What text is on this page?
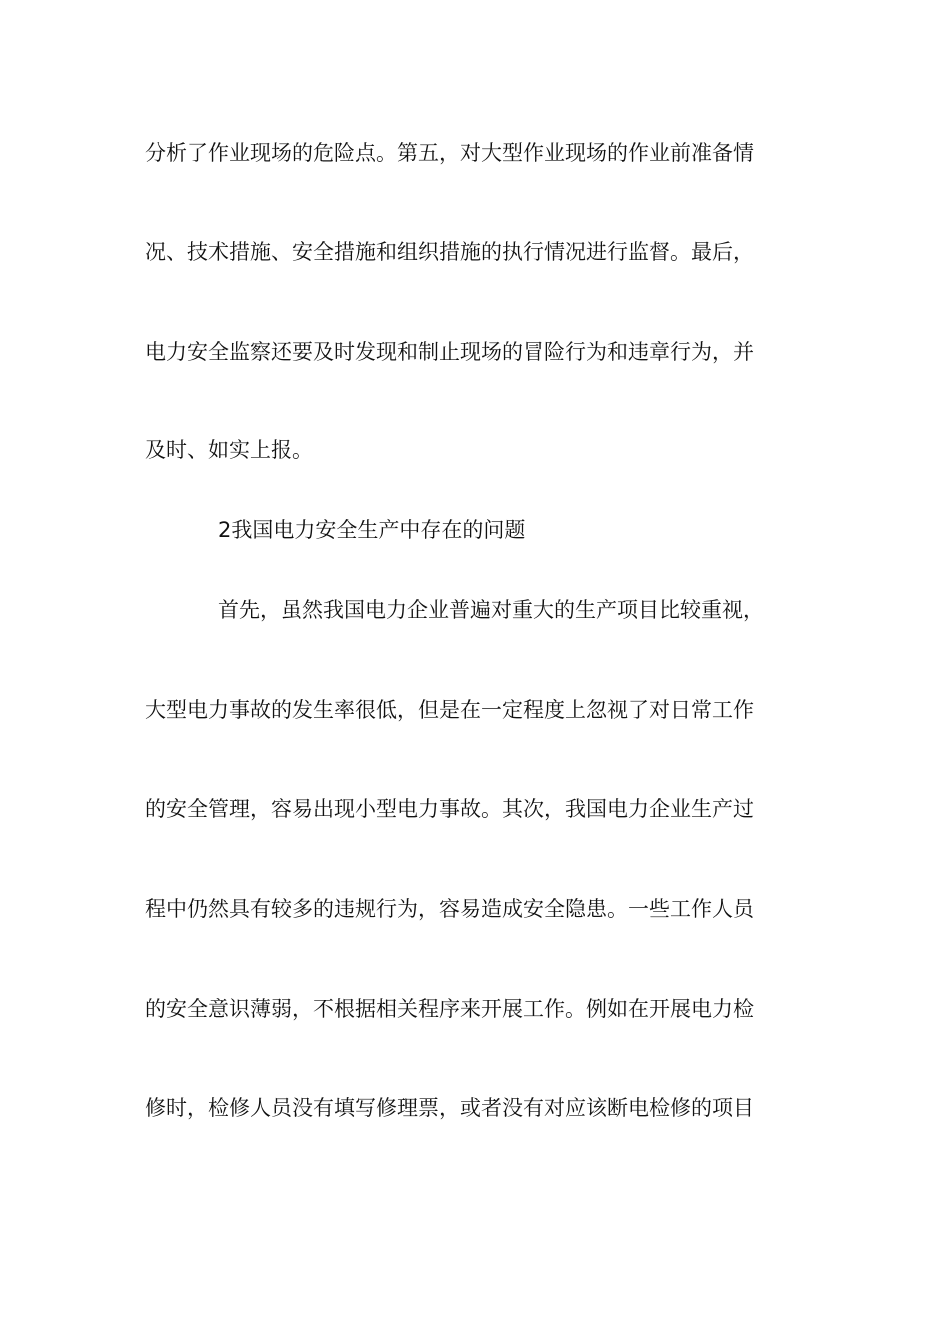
分析了作业现场的危险点。第五，对大型作业现场的作业前准备情
况、技术措施、安全措施和组织措施的执行情况进行监督。最后，
电力安全监察还要及时发现和制止现场的冒险行为和违章行为，并
及时、如实上报。
2我国电力安全生产中存在的问题
首先，虽然我国电力企业普遍对重大的生产项目比较重视，
大型电力事故的发生率很低，但是在一定程度上忽视了对日常工作
的安全管理，容易出现小型电力事故。其次，我国电力企业生产过
程中仍然具有较多的违规行为，容易造成安全隐患。一些工作人员
的安全意识薄弱，不根据相关程序来开展工作。例如在开展电力检
修时，检修人员没有填写修理票，或者没有对应该断电检修的项目
